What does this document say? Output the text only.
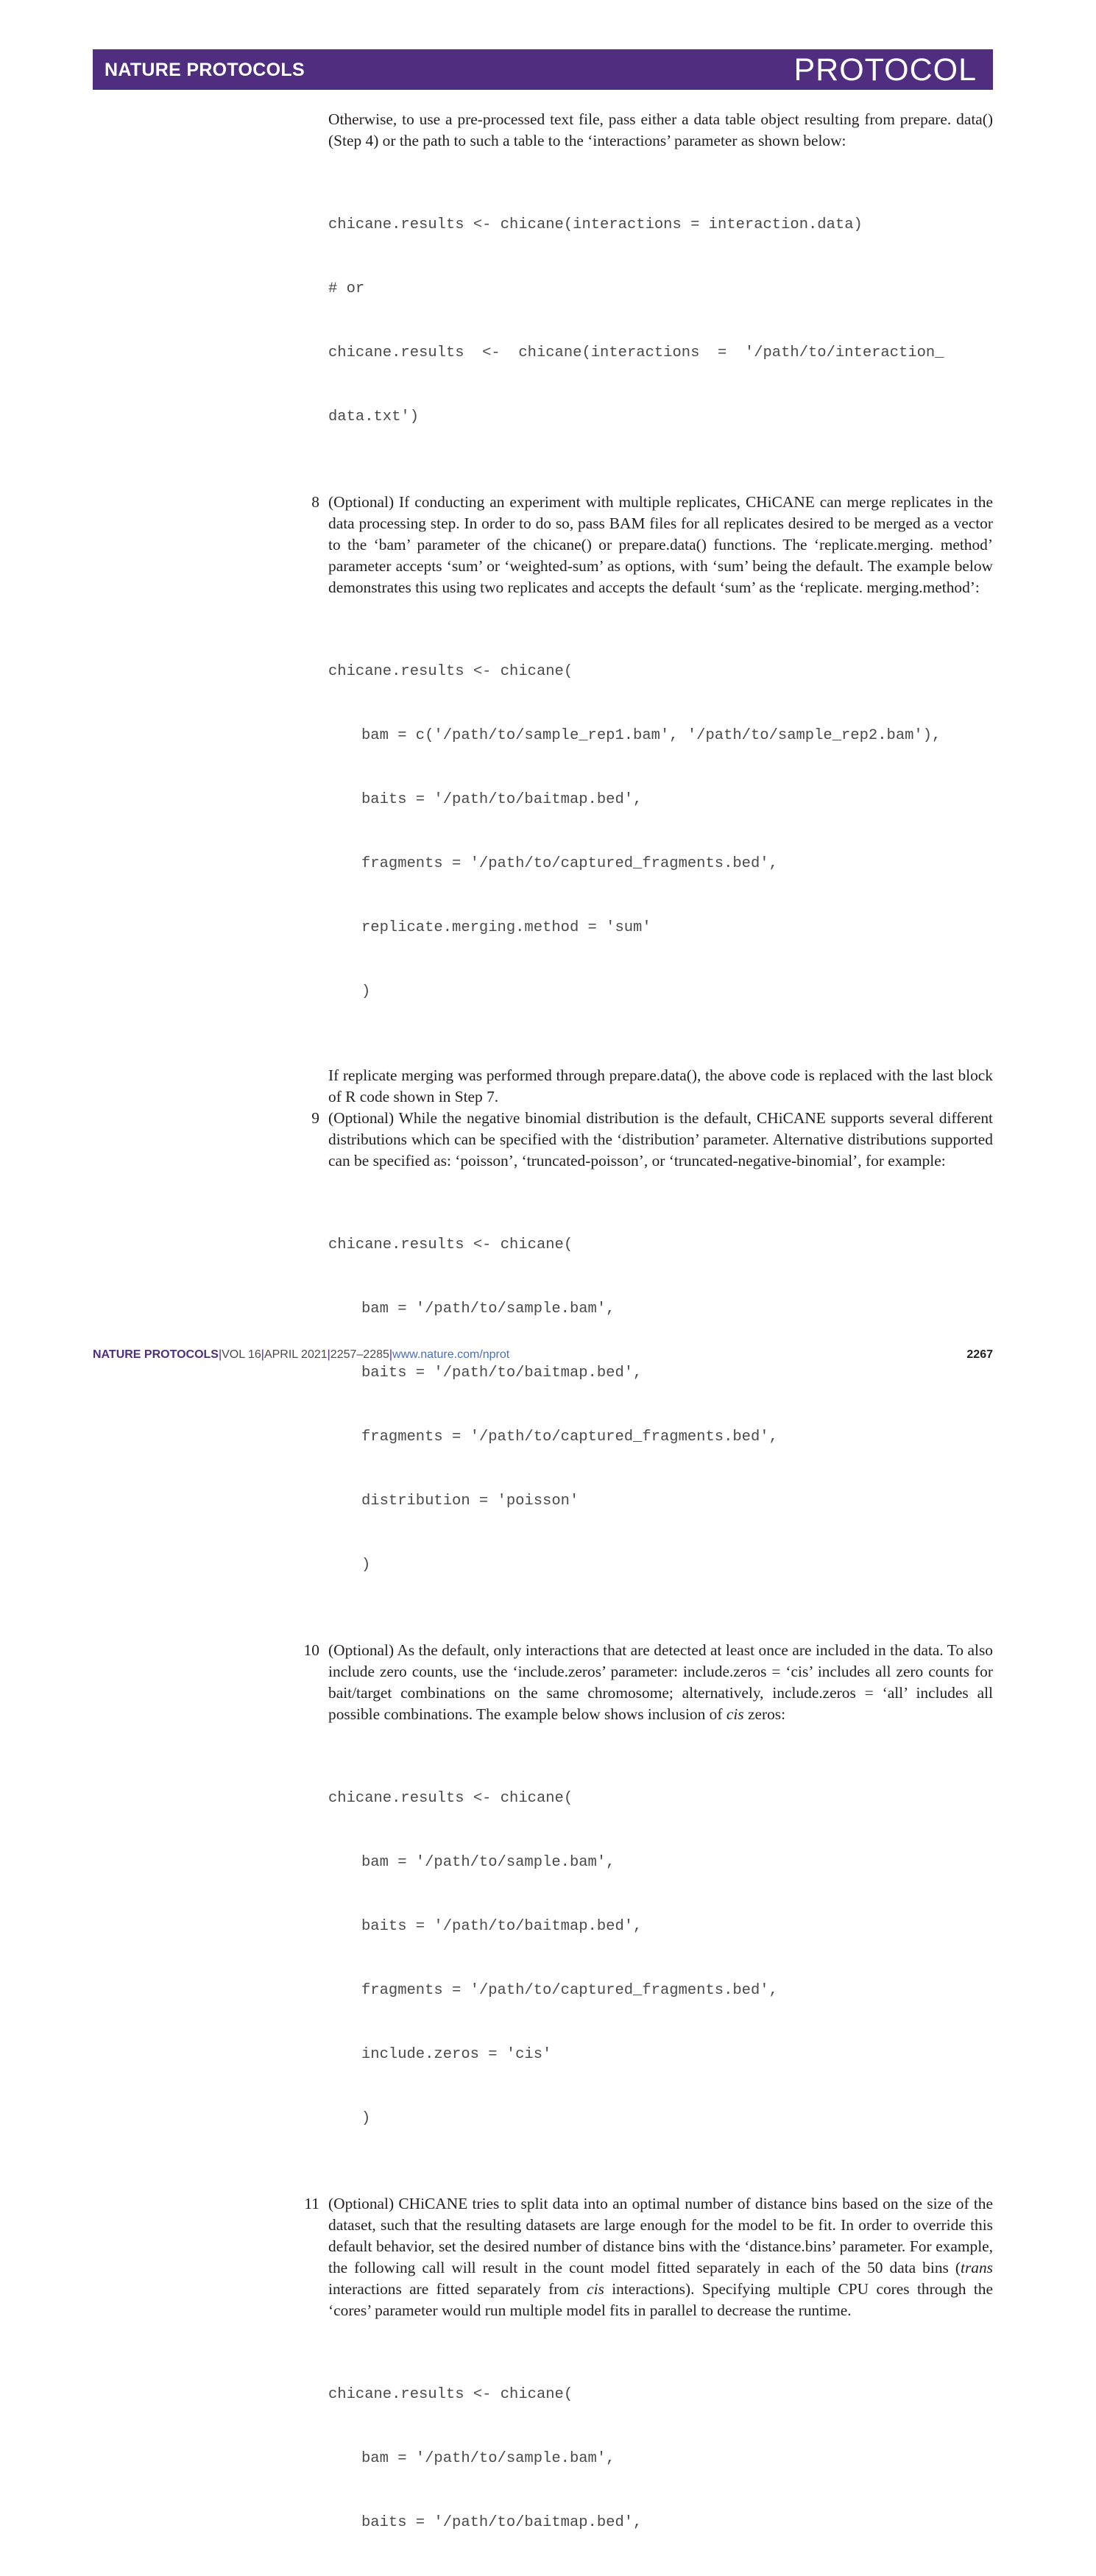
NATURE PROTOCOLS	PROTOCOL

Otherwise, to use a pre-processed text file, pass either a data table object resulting from prepare. data() (Step 4) or the path to such a table to the ‘interactions’ parameter as shown below:

chicane.results <- chicane(interactions = interaction.data)

# or

chicane.results  <-  chicane(interactions  =  '/path/to/interaction_

data.txt')

8 (Optional) If conducting an experiment with multiple replicates, CHiCANE can merge replicates in the data processing step. In order to do so, pass BAM files for all replicates desired to be merged as a vector to the ‘bam’ parameter of the chicane() or prepare.data() functions. The ‘replicate.merging. method’ parameter accepts ‘sum’ or ‘weighted-sum’ as options, with ‘sum’ being the default. The example below demonstrates this using two replicates and accepts the default ‘sum’ as the ‘replicate. merging.method’:

chicane.results <- chicane(

bam = c('/path/to/sample_rep1.bam', '/path/to/sample_rep2.bam'),

baits = '/path/to/baitmap.bed',

fragments = '/path/to/captured_fragments.bed',

replicate.merging.method = 'sum'

)

If replicate merging was performed through prepare.data(), the above code is replaced with the last block of R code shown in Step 7.

9 (Optional) While the negative binomial distribution is the default, CHiCANE supports several different distributions which can be specified with the ‘distribution’ parameter. Alternative distributions supported can be specified as: ‘poisson’, ‘truncated-poisson’, or ‘truncated-negative-binomial’, for example:

chicane.results <- chicane(

bam = '/path/to/sample.bam',

baits = '/path/to/baitmap.bed',

fragments = '/path/to/captured_fragments.bed',

distribution = 'poisson'

)

10 (Optional) As the default, only interactions that are detected at least once are included in the data. To also include zero counts, use the ‘include.zeros’ parameter: include.zeros = ‘cis’ includes all zero counts for bait/target combinations on the same chromosome; alternatively, include.zeros = ‘all’ includes all possible combinations. The example below shows inclusion of cis zeros:

chicane.results <- chicane(

bam = '/path/to/sample.bam',

baits = '/path/to/baitmap.bed',

fragments = '/path/to/captured_fragments.bed',

include.zeros = 'cis'

)

11 (Optional) CHiCANE tries to split data into an optimal number of distance bins based on the size of the dataset, such that the resulting datasets are large enough for the model to be fit. In order to override this default behavior, set the desired number of distance bins with the ‘distance.bins’ parameter. For example, the following call will result in the count model fitted separately in each of the 50 data bins (trans interactions are fitted separately from cis interactions). Specifying multiple CPU cores through the ‘cores’ parameter would run multiple model fits in parallel to decrease the runtime.

chicane.results <- chicane(

bam = '/path/to/sample.bam',

baits = '/path/to/baitmap.bed',

NATURE PROTOCOLS|VOL 16|APRIL 2021|2257–2285|www.nature.com/nprot	2267
